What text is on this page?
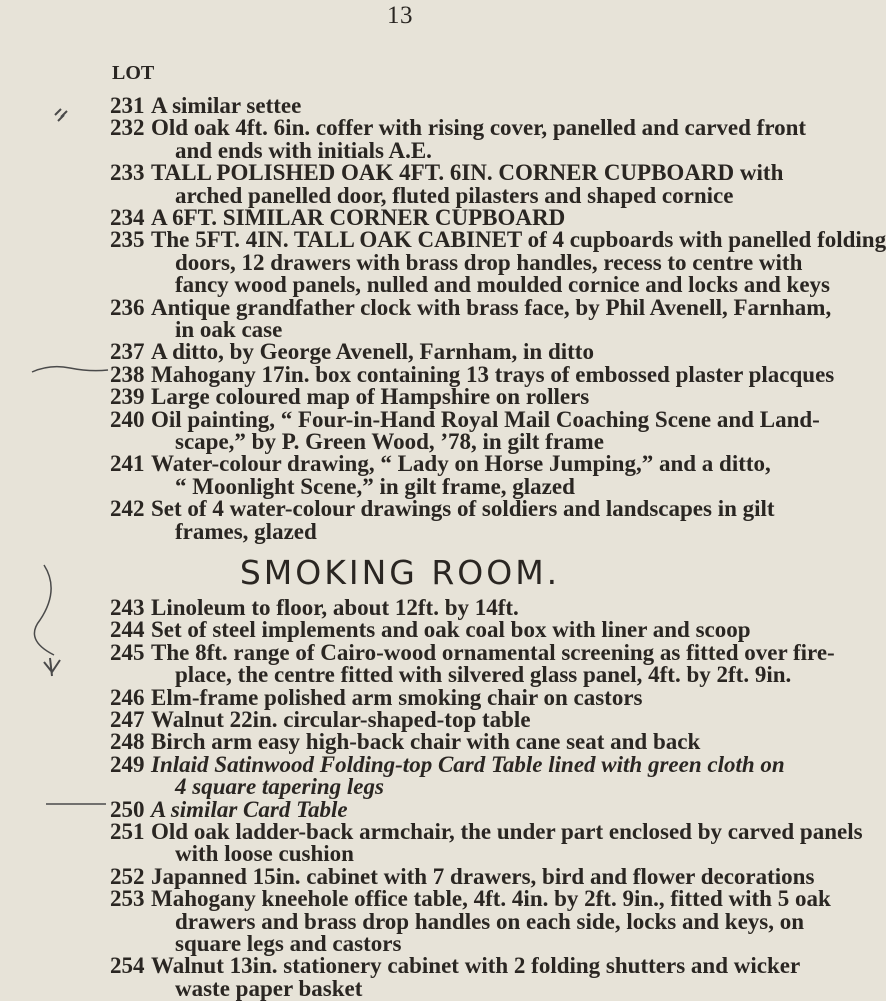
13
LOT
SMOKING ROOM.
231 A similar settee
232 Old oak 4ft. 6in. coffer with rising cover, panelled and carved front
and ends with initials A.E.
233 TALL POLISHED OAK 4FT. 6IN. CORNER CUPBOARD with
arched panelled door, fluted pilasters and shaped cornice
234 A 6FT. SIMILAR CORNER CUPBOARD
235 The 5FT. 4IN. TALL OAK CABINET of 4 cupboards with panelled folding
doors, 12 drawers with brass drop handles, recess to centre with
fancy wood panels, nulled and moulded cornice and locks and keys
236 Antique grandfather clock with brass face, by Phil Avenell, Farnham,
in oak case
237 A ditto, by George Avenell, Farnham, in ditto
238 Mahogany 17in. box containing 13 trays of embossed plaster placques
239 Large coloured map of Hampshire on rollers
240 Oil painting, “ Four-in-Hand Royal Mail Coaching Scene and Land-
scape,” by P. Green Wood, ’78, in gilt frame
241 Water-colour drawing, “ Lady on Horse Jumping,” and a ditto,
“ Moonlight Scene,” in gilt frame, glazed
242 Set of 4 water-colour drawings of soldiers and landscapes in gilt
frames, glazed
243 Linoleum to floor, about 12ft. by 14ft.
244 Set of steel implements and oak coal box with liner and scoop
245 The 8ft. range of Cairo-wood ornamental screening as fitted over fire-
place, the centre fitted with silvered glass panel, 4ft. by 2ft. 9in.
246 Elm-frame polished arm smoking chair on castors
247 Walnut 22in. circular-shaped-top table
248 Birch arm easy high-back chair with cane seat and back
249 Inlaid Satinwood Folding-top Card Table lined with green cloth on
4 square tapering legs
250 A similar Card Table
251 Old oak ladder-back armchair, the under part enclosed by carved panels
with loose cushion
252 Japanned 15in. cabinet with 7 drawers, bird and flower decorations
253 Mahogany kneehole office table, 4ft. 4in. by 2ft. 9in., fitted with 5 oak
drawers and brass drop handles on each side, locks and keys, on
square legs and castors
254 Walnut 13in. stationery cabinet with 2 folding shutters and wicker
waste paper basket
